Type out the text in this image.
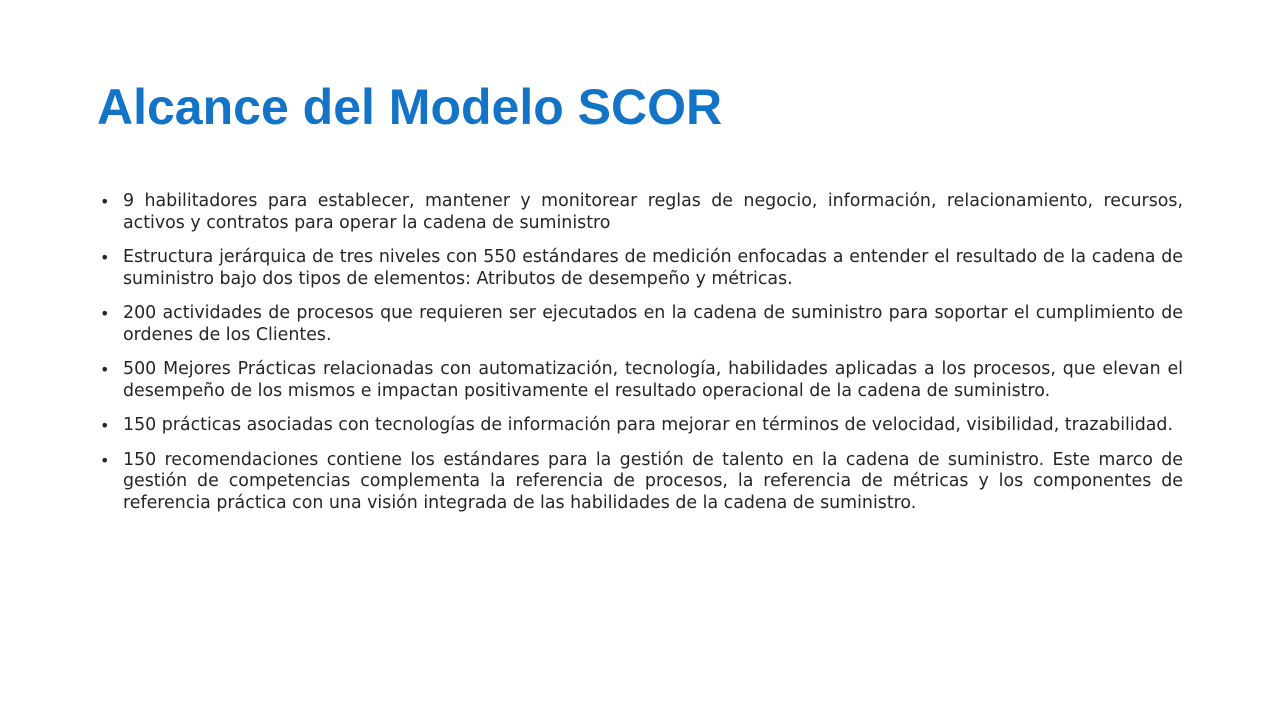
Alcance del Modelo SCOR
• 9 habilitadores para establecer, mantener y monitorear reglas de negocio, información, relacionamiento, recursos, activos y contratos para operar la cadena de suministro
• Estructura jerárquica de tres niveles con 550 estándares de medición enfocadas a entender el resultado de la cadena de suministro bajo dos tipos de elementos: Atributos de desempeño y métricas.
• 200 actividades de procesos que requieren ser ejecutados en la cadena de suministro para soportar el cumplimiento de ordenes de los Clientes.
• 500 Mejores Prácticas relacionadas con automatización, tecnología, habilidades aplicadas a los procesos, que elevan el desempeño de los mismos e impactan positivamente el resultado operacional de la cadena de suministro.
• 150 prácticas asociadas con tecnologías de información para mejorar en términos de velocidad, visibilidad, trazabilidad.
• 150 recomendaciones contiene los estándares para la gestión de talento en la cadena de suministro. Este marco de gestión de competencias complementa la referencia de procesos, la referencia de métricas y los componentes de referencia práctica con una visión integrada de las habilidades de la cadena de suministro.
